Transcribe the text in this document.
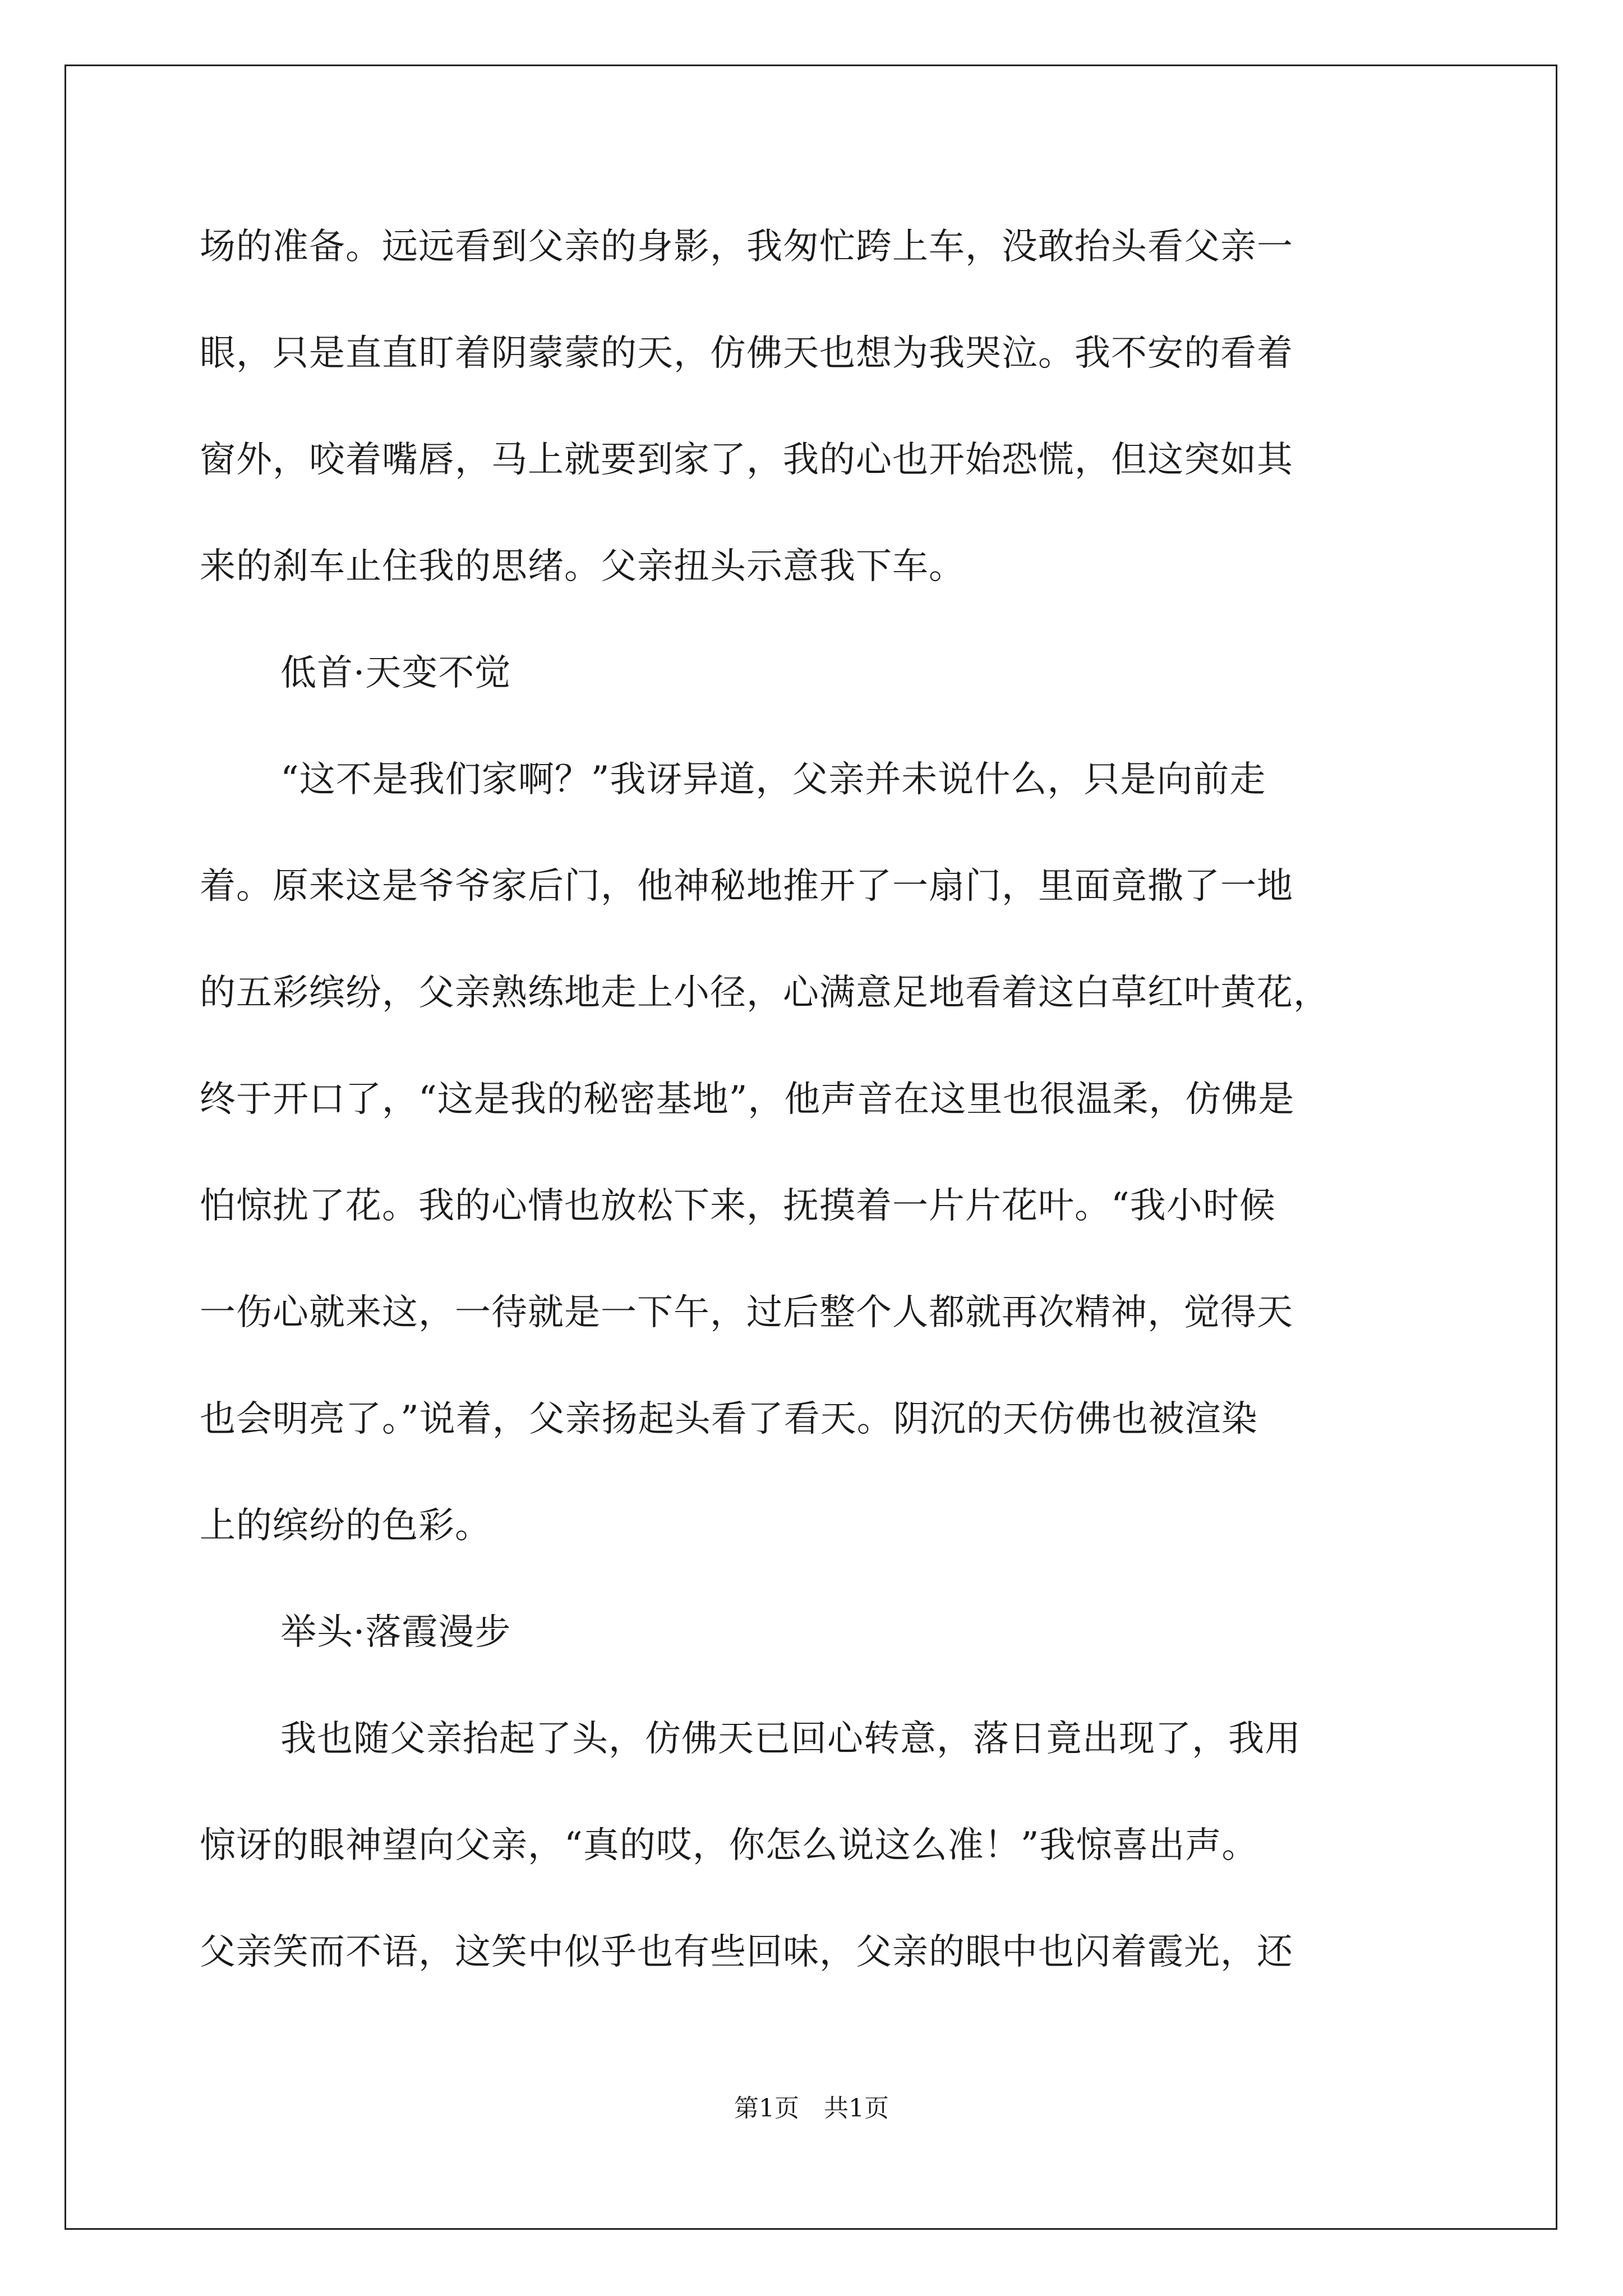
场的准备。远远看到父亲的身影，我匆忙跨上车，没敢抬头看父亲一
眼，只是直直盯着阴蒙蒙的天，仿佛天也想为我哭泣。我不安的看着
窗外，咬着嘴唇，马上就要到家了，我的心也开始恐慌，但这突如其
来的刹车止住我的思绪。父亲扭头示意我下车。
低首·天变不觉
“这不是我们家啊？”我讶异道，父亲并未说什么，只是向前走
着。原来这是爷爷家后门，他神秘地推开了一扇门，里面竟撒了一地
的五彩缤纷，父亲熟练地走上小径，心满意足地看着这白草红叶黄花，
终于开口了，“这是我的秘密基地”，他声音在这里也很温柔，仿佛是
怕惊扰了花。我的心情也放松下来，抚摸着一片片花叶。“我小时候
一伤心就来这，一待就是一下午，过后整个人都就再次精神，觉得天
也会明亮了。”说着，父亲扬起头看了看天。阴沉的天仿佛也被渲染
上的缤纷的色彩。
举头·落霞漫步
我也随父亲抬起了头，仿佛天已回心转意，落日竟出现了，我用
惊讶的眼神望向父亲，“真的哎，你怎么说这么准！”我惊喜出声。
父亲笑而不语，这笑中似乎也有些回味，父亲的眼中也闪着霞光，还
第1页　共1页
